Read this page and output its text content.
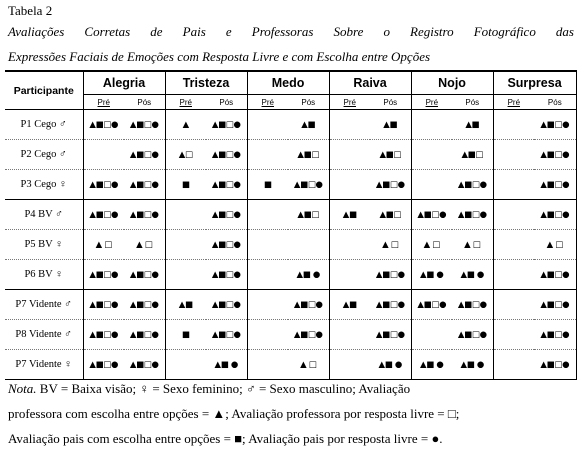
Tabela 2
Avaliações Corretas de Pais e Professoras Sobre o Registro Fotográfico das
Expressões Faciais de Emoções com Resposta Livre e com Escolha entre Opções
Participante	Alegria		Tristeza		Medo		Raiva		Nojo		Surpresa	
	Pré	Pós	Pré	Pós	Pré	Pós	Pré	Pós	Pré	Pós	Pré	Pós
P1 Cego ♂	▲■□●	▲■□●	▲	▲■□●		▲■		▲■		▲■		▲■□●
P2 Cego ♂		▲■□●	▲□	▲■□●		▲■□		▲■□		▲■□		▲■□●
P3 Cego ♀	▲■□●	▲■□●	■	▲■□●	■	▲■□●		▲■□●		▲■□●		▲■□●
P4 BV ♂	▲■□●	▲■□●		▲■□●		▲■□	▲■	▲■□	▲■□●	▲■□●		▲■□●
P5 BV ♀	▲ □	▲ □		▲■□●				▲ □	▲ □	▲ □		▲ □
P6 BV ♀	▲■□●	▲■□●		▲■□●		▲■ ●		▲■□●	▲■ ●	▲■ ●		▲■□●
P7 Vidente ♂	▲■□●	▲■□●	▲■	▲■□●		▲■□●	▲■	▲■□●	▲■□●	▲■□●		▲■□●
P8 Vidente ♂	▲■□●	▲■□●	■	▲■□●		▲■□●		▲■□●		▲■□●		▲■□●
P7 Vidente ♀	▲■□●	▲■□●		▲■ ●		▲ □		▲■ ●	▲■ ●	▲■ ●		▲■□●
Nota. BV = Baixa visão; ♀ = Sexo feminino; ♂ = Sexo masculino; Avaliação
professora com escolha entre opções = ▲; Avaliação professora por resposta livre = □;
Avaliação pais com escolha entre opções = ■; Avaliação pais por resposta livre = ●.
